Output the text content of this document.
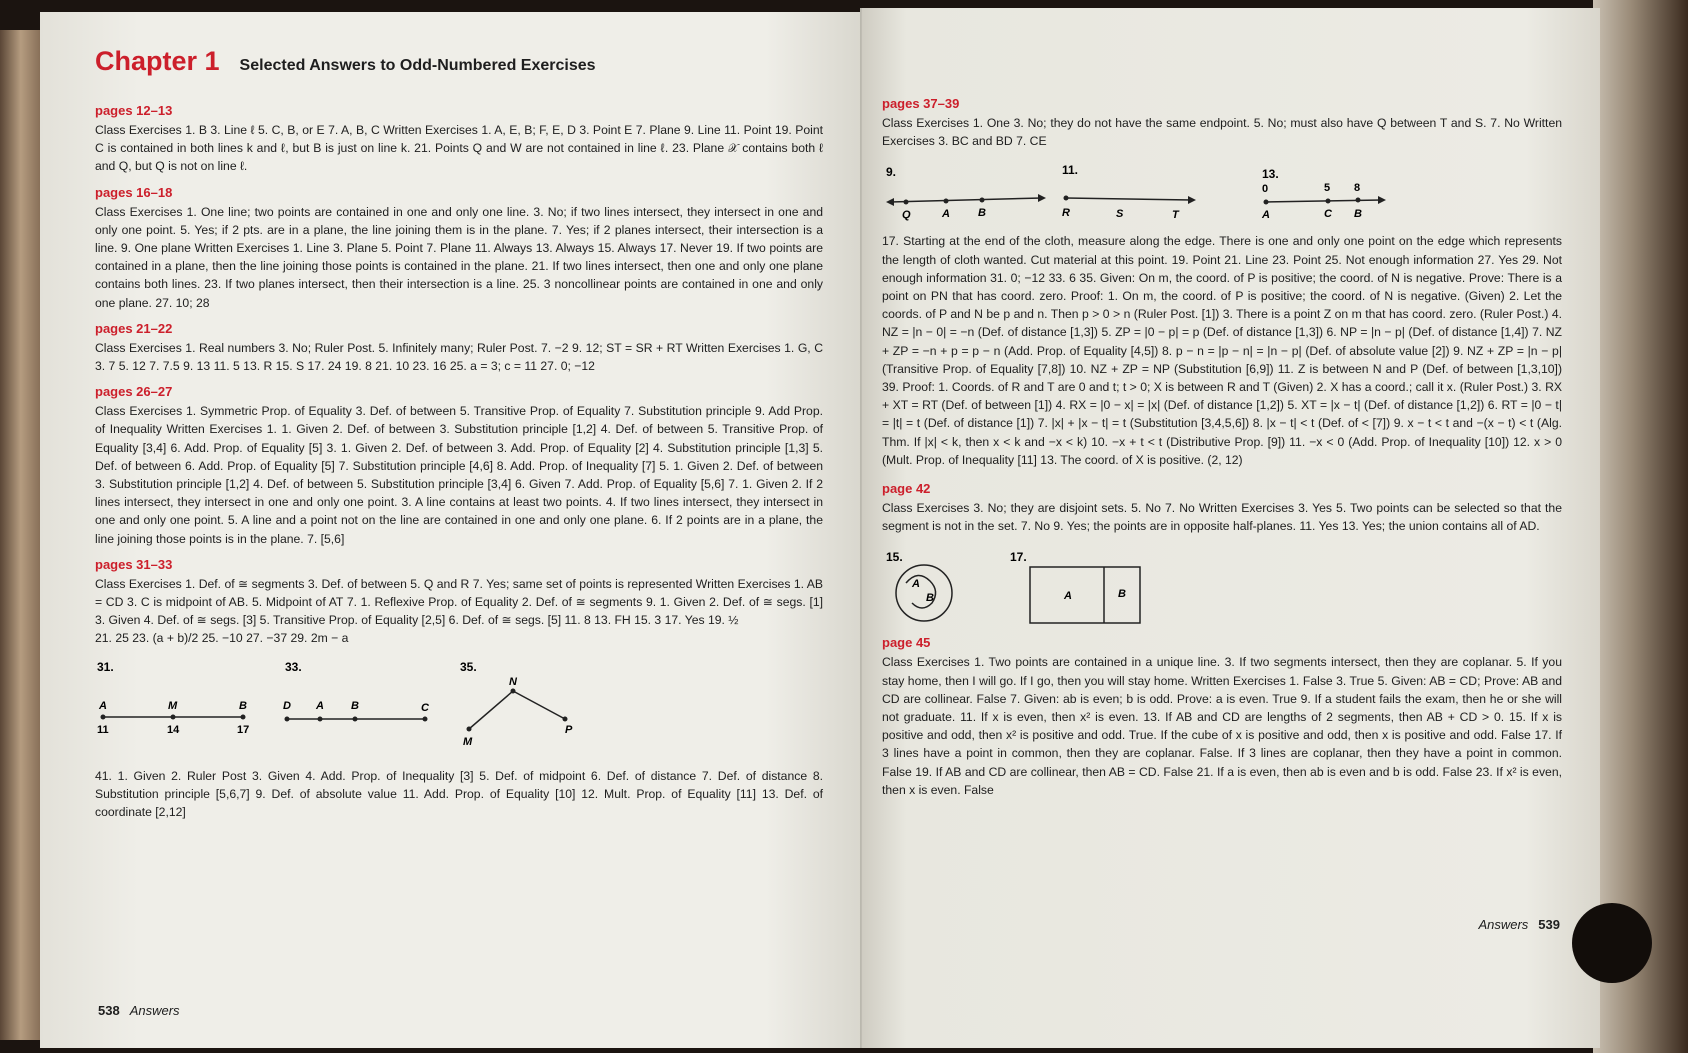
Chapter 1 Selected Answers to Odd-Numbered Exercises
pages 12–13
Class Exercises 1. B 3. Line ℓ 5. C, B, or E 7. A, B, C Written Exercises 1. A, E, B; F, E, D 3. Point E 7. Plane 9. Line 11. Point 19. Point C is contained in both lines k and ℓ, but B is just on line k. 21. Points Q and W are not contained in line ℓ. 23. Plane 𝒳 contains both ℓ and Q, but Q is not on line ℓ.
pages 16–18
Class Exercises 1. One line; two points are contained in one and only one line. 3. No; if two lines intersect, they intersect in one and only one point. 5. Yes; if 2 pts. are in a plane, the line joining them is in the plane. 7. Yes; if 2 planes intersect, their intersection is a line. 9. One plane Written Exercises 1. Line 3. Plane 5. Point 7. Plane 11. Always 13. Always 15. Always 17. Never 19. If two points are contained in a plane, then the line joining those points is contained in the plane. 21. If two lines intersect, then one and only one plane contains both lines. 23. If two planes intersect, then their intersection is a line. 25. 3 noncollinear points are contained in one and only one plane. 27. 10; 28
pages 21–22
Class Exercises 1. Real numbers 3. No; Ruler Post. 5. Infinitely many; Ruler Post. 7. −2 9. 12; ST = SR + RT Written Exercises 1. G, C 3. 7 5. 12 7. 7.5 9. 13 11. 5 13. R 15. S 17. 24 19. 8 21. 10 23. 16 25. a = 3; c = 11 27. 0; −12
pages 26–27
Class Exercises 1. Symmetric Prop. of Equality 3. Def. of between 5. Transitive Prop. of Equality 7. Substitution principle 9. Add Prop. of Inequality Written Exercises 1. 1. Given 2. Def. of between 3. Substitution principle [1,2] 4. Def. of between 5. Transitive Prop. of Equality [3,4] 6. Add. Prop. of Equality [5] 3. 1. Given 2. Def. of between 3. Add. Prop. of Equality [2] 4. Substitution principle [1,3] 5. Def. of between 6. Add. Prop. of Equality [5] 7. Substitution principle [4,6] 8. Add. Prop. of Inequality [7] 5. 1. Given 2. Def. of between 3. Substitution principle [1,2] 4. Def. of between 5. Substitution principle [3,4] 6. Given 7. Add. Prop. of Equality [5,6] 7. 1. Given 2. If 2 lines intersect, they intersect in one and only one point. 3. A line contains at least two points. 4. If two lines intersect, they intersect in one and only one point. 5. A line and a point not on the line are contained in one and only one plane. 6. If 2 points are in a plane, the line joining those points is in the plane. 7. [5,6]
pages 31–33
Class Exercises 1. Def. of ≅ segments 3. Def. of between 5. Q and R 7. Yes; same set of points is represented Written Exercises 1. AB = CD 3. C is midpoint of AB. 5. Midpoint of AT 7. 1. Reflexive Prop. of Equality 2. Def. of ≅ segments 9. 1. Given 2. Def. of ≅ segs. [1] 3. Given 4. Def. of ≅ segs. [3] 5. Transitive Prop. of Equality [2,5] 6. Def. of ≅ segs. [5] 11. 8 13. FH 15. 3 17. Yes 19. ½
21. 25 23. (a + b)/2 25. −10 27. −37 29. 2m − a
31.	33.	35.
A	M	B
11	14	17
D A B	C
N
M
P
41. 1. Given 2. Ruler Post 3. Given 4. Add. Prop. of Inequality [3] 5. Def. of midpoint 6. Def. of distance 7. Def. of distance 8. Substitution principle [5,6,7] 9. Def. of absolute value 11. Add. Prop. of Equality [10] 12. Mult. Prop. of Equality [11] 13. Def. of coordinate [2,12]
538 Answers
pages 37–39
Class Exercises 1. One 3. No; they do not have the same endpoint. 5. No; must also have Q between T and S. 7. No Written Exercises 3. BC and BD 7. CE
9.	11.	13.
Q	A	B	R	S	T
0	5 8
A	C B
17. Starting at the end of the cloth, measure along the edge. There is one and only one point on the edge which represents the length of cloth wanted. Cut material at this point. 19. Point 21. Line 23. Point 25. Not enough information 27. Yes 29. Not enough information 31. 0; −12 33. 6 35. Given: On m, the coord. of P is positive; the coord. of N is negative. Prove: There is a point on PN that has coord. zero. Proof: 1. On m, the coord. of P is positive; the coord. of N is negative. (Given) 2. Let the coords. of P and N be p and n. Then p > 0 > n (Ruler Post. [1]) 3. There is a point Z on m that has coord. zero. (Ruler Post.) 4. NZ = |n − 0| = −n (Def. of distance [1,3]) 5. ZP = |0 − p| = p (Def. of distance [1,3]) 6. NP = |n − p| (Def. of distance [1,4]) 7. NZ + ZP = −n + p = p − n (Add. Prop. of Equality [4,5]) 8. p − n = |p − n| = |n − p| (Def. of absolute value [2]) 9. NZ + ZP = |n − p| (Transitive Prop. of Equality [7,8]) 10. NZ + ZP = NP (Substitution [6,9]) 11. Z is between N and P (Def. of between [1,3,10]) 39. Proof: 1. Coords. of R and T are 0 and t; t > 0; X is between R and T (Given) 2. X has a coord.; call it x. (Ruler Post.) 3. RX + XT = RT (Def. of between [1]) 4. RX = |0 − x| = |x| (Def. of distance [1,2]) 5. XT = |x − t| (Def. of distance [1,2]) 6. RT = |0 − t| = |t| = t (Def. of distance [1]) 7. |x| + |x − t| = t (Substitution [3,4,5,6]) 8. |x − t| < t (Def. of < [7]) 9. x − t < t and −(x − t) < t (Alg. Thm. If |x| < k, then x < k and −x < k) 10. −x + t < t (Distributive Prop. [9]) 11. −x < 0 (Add. Prop. of Inequality [10]) 12. x > 0 (Mult. Prop. of Inequality [11] 13. The coord. of X is positive. (2, 12)
page 42
Class Exercises 3. No; they are disjoint sets. 5. No 7. No Written Exercises 3. Yes 5. Two points can be selected so that the segment is not in the set. 7. No 9. Yes; the points are in opposite half-planes. 11. Yes 13. Yes; the union contains all of AD.
15.	17.
A
B	A	B
page 45
Class Exercises 1. Two points are contained in a unique line. 3. If two segments intersect, then they are coplanar. 5. If you stay home, then I will go. If I go, then you will stay home. Written Exercises 1. False 3. True 5. Given: AB = CD; Prove: AB and CD are collinear. False 7. Given: ab is even; b is odd. Prove: a is even. True 9. If a student fails the exam, then he or she will not graduate. 11. If x is even, then x² is even. 13. If AB and CD are lengths of 2 segments, then AB + CD > 0. 15. If x is positive and odd, then x² is positive and odd. True. If the cube of x is positive and odd, then x is positive and odd. False 17. If 3 lines have a point in common, then they are coplanar. False. If 3 lines are coplanar, then they have a point in common. False 19. If AB and CD are collinear, then AB = CD. False 21. If a is even, then ab is even and b is odd. False 23. If x² is even, then x is even. False
Answers 539
